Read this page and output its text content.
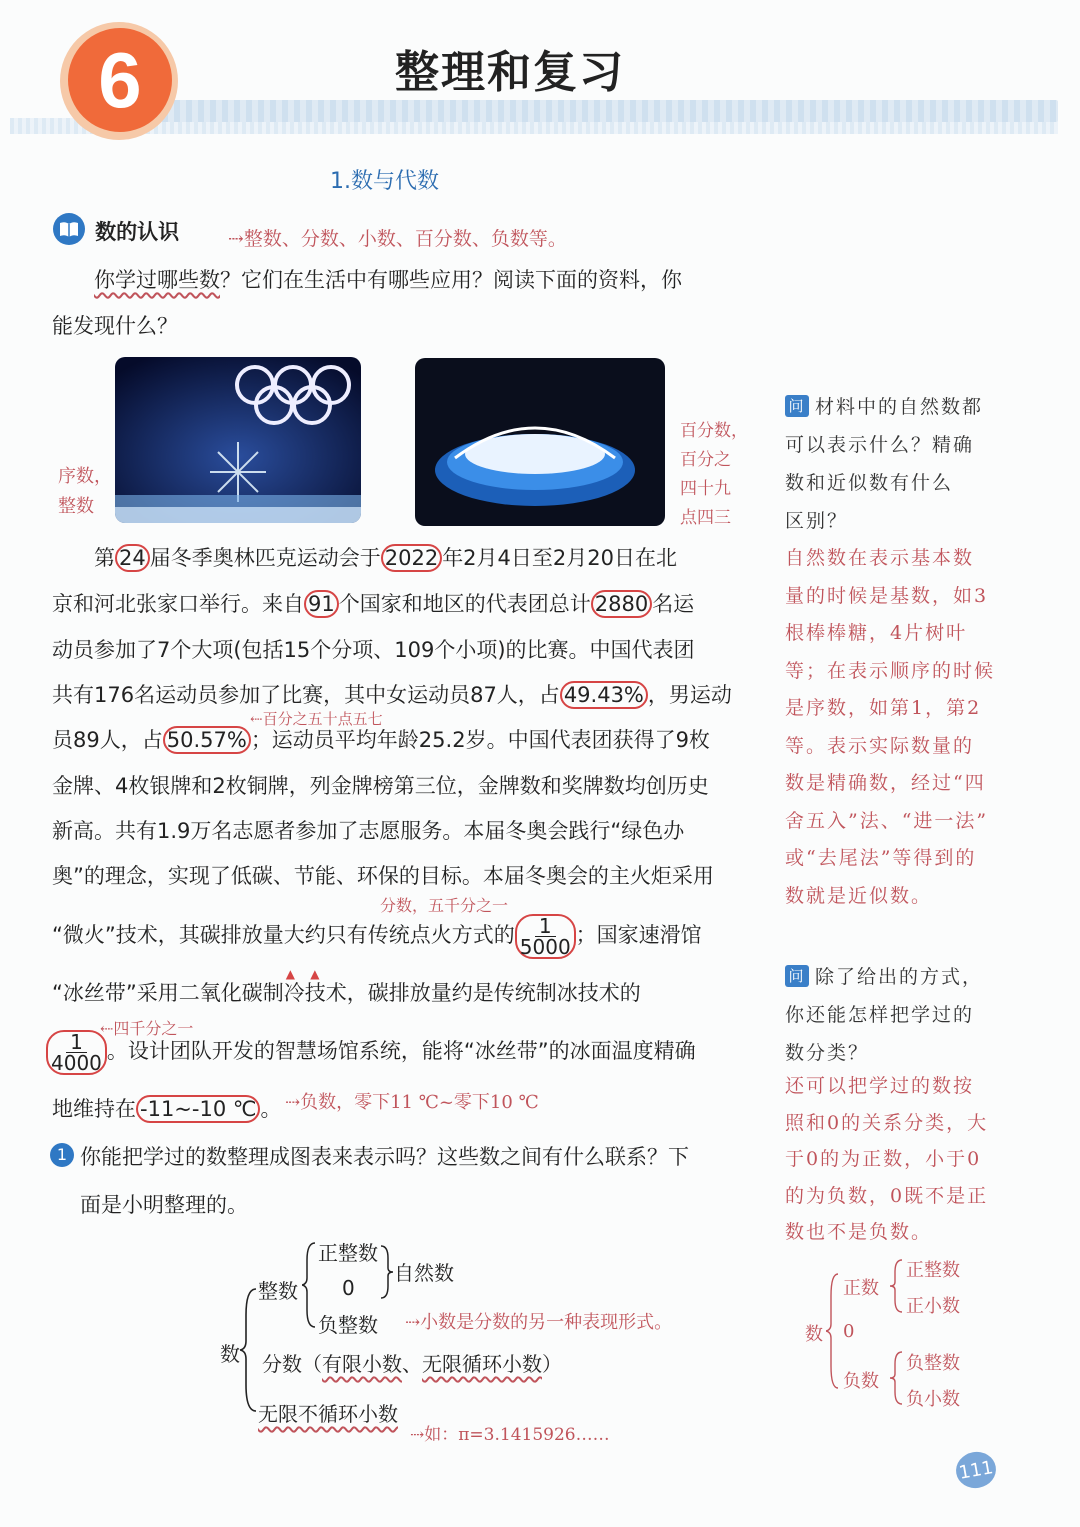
6	整理和复习
1.数与代数
数的认识	⇢整数、分数、小数、百分数、负数等。
你学过哪些数？它们在生活中有哪些应用？阅读下面的资料，你
能发现什么？
序数，
整数
百分数，
百分之
四十九
点四三
第 24 届冬季奥林匹克运动会于 2022 年2月4日至2月20日在北
京和河北张家口举行。来自 91 个国家和地区的代表团总计 2880 名运
动员参加了7个大项(包括15个分项、109个小项)的比赛。中国代表团
共有176名运动员参加了比赛，其中女运动员87人，占 49.43% ，男运动
⇠百分之五十点五七
员89人，占 50.57% ；运动员平均年龄25.2岁。中国代表团获得了9枚
金牌、4枚银牌和2枚铜牌，列金牌榜第三位，金牌数和奖牌数均创历史
新高。共有1.9万名志愿者参加了志愿服务。本届冬奥会践行“绿色办
奥”的理念，实现了低碳、节能、环保的目标。本届冬奥会的主火炬采用
分数，五千分之一
“微火”技术，其碳排放量大约
▲    ▲
只有传统点火方式的 $\frac{1}{5000}$ ；国家速滑馆
“冰丝带”采用二氧化碳制冷技术，碳排放量约是传统制冰技术的
⇠四千分之一
$\frac{1}{4000}$ 。设计团队开发的智慧场馆系统，能将“冰丝带”的冰面温度精确
地维持在 -11~-10 ℃ 。 ⇢负数，零下11 ℃~零下10 ℃
1 你能把学过的数整理成图表来表示吗？这些数之间有什么联系？下
面是小明整理的。
数
整数
正整数
0
负整数
自然数
⇢小数是分数的另一种表现形式。
分数（有限小数、无限循环小数）
无限不循环小数
⇢如：π=3.1415926……
问 材料中的自然数都
可以表示什么？精确
数和近似数有什么
区别？
自然数在表示基本数
量的时候是基数，如3
根棒棒糖，4片树叶
等；在表示顺序的时候
是序数，如第1，第2
等。表示实际数量的
数是精确数，经过“四
舍五入”法、“进一法”
或“去尾法”等得到的
数就是近似数。
问 除了给出的方式，
你还能怎样把学过的
数分类？
还可以把学过的数按
照和0的关系分类，大
于0的为正数，小于0
的为负数，0既不是正
数也不是负数。
数
正数
0
负数
正整数
正小数
负整数
负小数
111
